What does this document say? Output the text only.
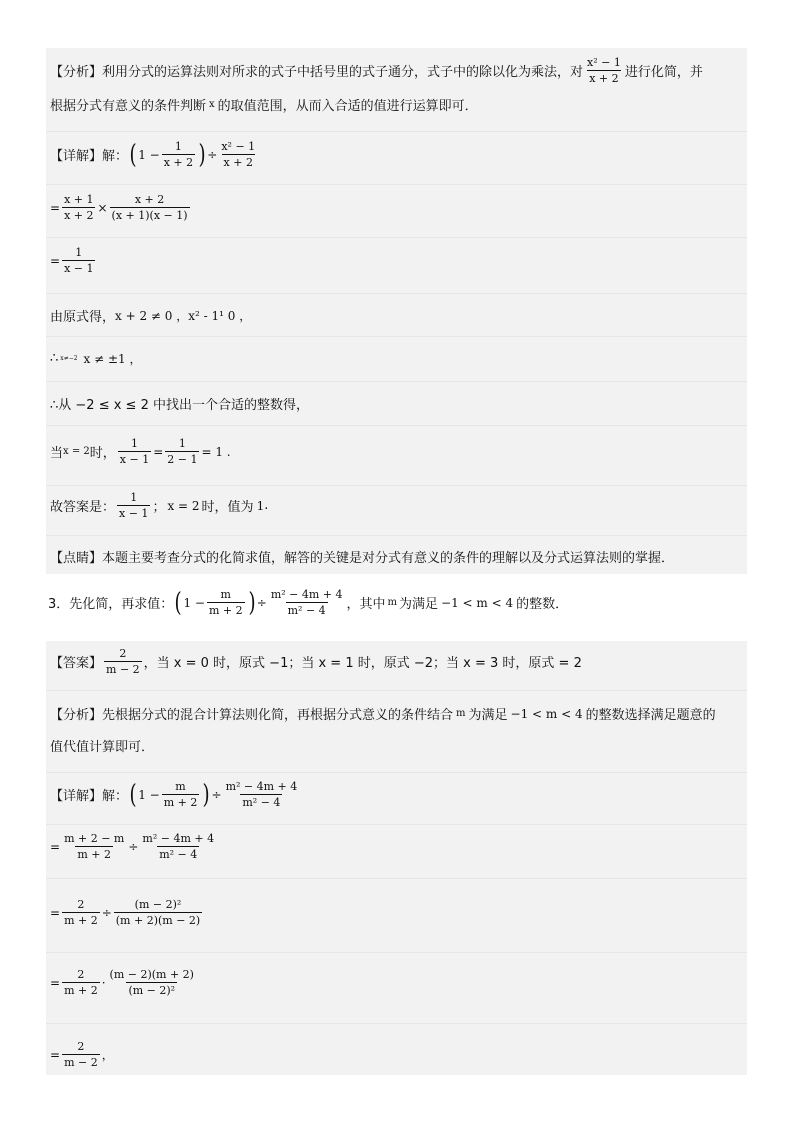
【分析】 利用分式的运算法则对所求的式子中括号里的式子通分，式子中的除以化为乘法，对 $\frac{\text{x² − 1}}{x + 2}$ 进行化简，并
根据分式有意义的条件判断 x 的取值范围，从而入合适的值进行运算即可．
【详解】 解： ( $1 - \frac{1}{x + 2}$ ) ÷ $\frac{\text{x² − 1}}{x + 2}$
= $\frac{x + 1}{x + 2} \times \frac{x + 2}{(x + 1)(x - 1)}$
= $\frac{1}{x - 1}$
由原式得， x + 2 ≠ 0 ，x² - 1¹ 0 ，
∴ x≠−2 x ≠ ±1 ，
∴从 −2 ≤ x ≤ 2 中找出一个合适的整数得，
当 x = 2 时， $\frac{1}{x - 1} = \frac{1}{2 - 1} = 1$ .
故答案是： $\frac{1}{x - 1}$ ； x = 2 时，值为 1 .
【点睛】 本题主要考查分式的化简求值，解答的关键是对分式有意义的条件的理解以及分式运算法则的掌握．
3．先化简，再求值： ( $1 - \frac{m}{m + 2}$ ) ÷ $\frac{\text{m² − 4m + 4}}{\text{m² − 4}}$ ，其中 m 为满足 −1 < m < 4 的整数．
【答案】 $\frac{2}{m - 2}$ ，当 x = 0 时，原式 −1；当 x = 1 时，原式 −2；当 x = 3 时，原式 = 2
【分析】 先根据分式的混合计算法则化简，再根据分式意义的条件结合 m 为满足 −1 < m < 4 的整数选择满足题意的
值代值计算即可．
【详解】 解： ( $1 - \frac{m}{m + 2}$ ) ÷ $\frac{\text{m² − 4m + 4}}{\text{m² − 4}}$
= $\frac{m + 2 - m}{m + 2} \div \frac{\text{m² − 4m + 4}}{\text{m² − 4}}$
= $\frac{2}{m + 2} \div \frac{\text{(m − 2)²}}{(m + 2)(m - 2)}$
= $\frac{2}{m + 2} \cdot \frac{(m - 2)(m + 2)}{\text{(m − 2)²}}$
= $\frac{2}{m - 2}$ ，
